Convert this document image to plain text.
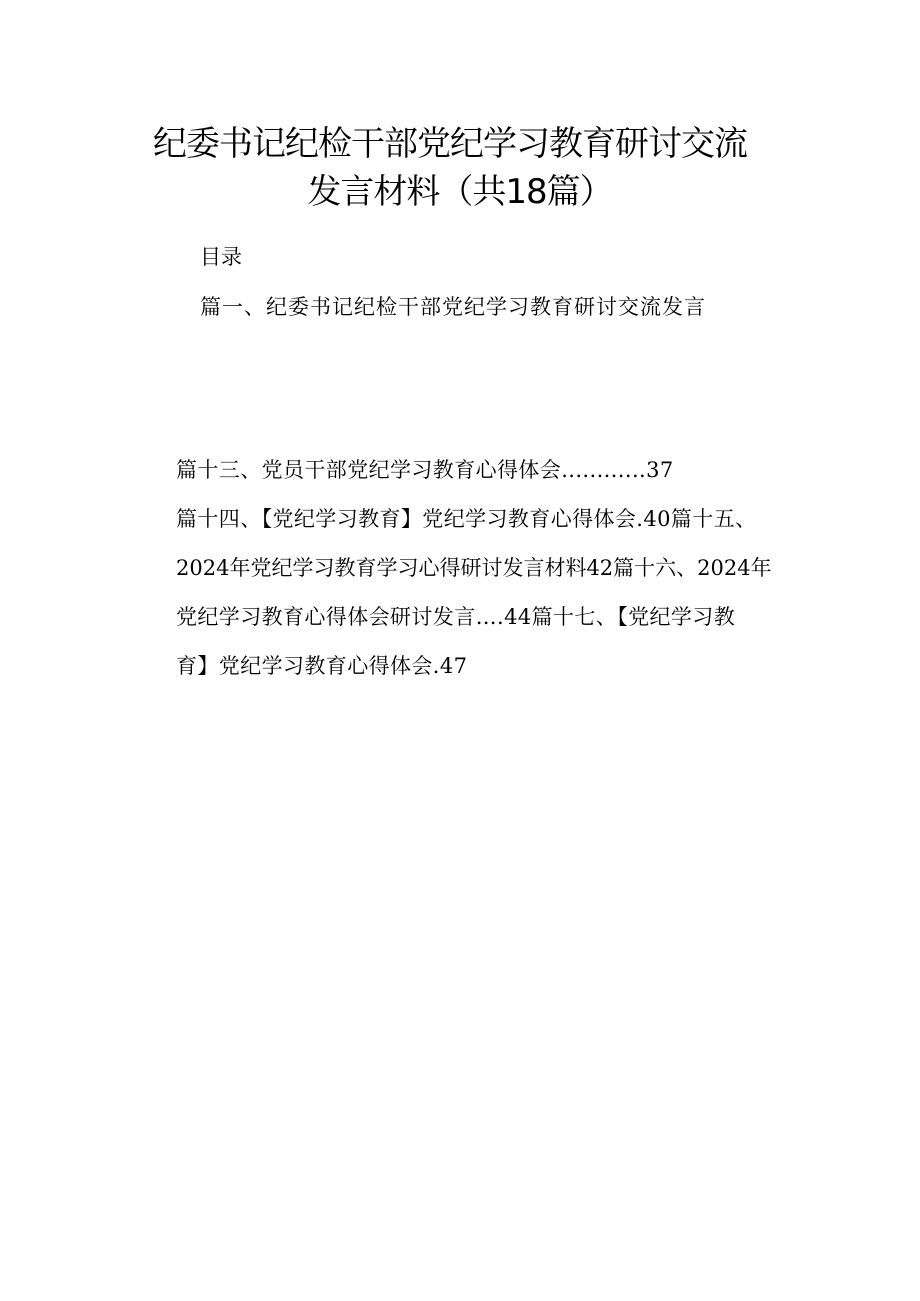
纪委书记纪检干部党纪学习教育研讨交流
发言材料（共18篇）

目录

篇一、纪委书记纪检干部党纪学习教育研讨交流发言

篇十三、党员干部党纪学习教育心得体会............37

篇十四、【党纪学习教育】党纪学习教育心得体会.40篇十五、

2024年党纪学习教育学习心得研讨发言材料42篇十六、2024年

党纪学习教育心得体会研讨发言….44篇十七、【党纪学习教

育】党纪学习教育心得体会.47
